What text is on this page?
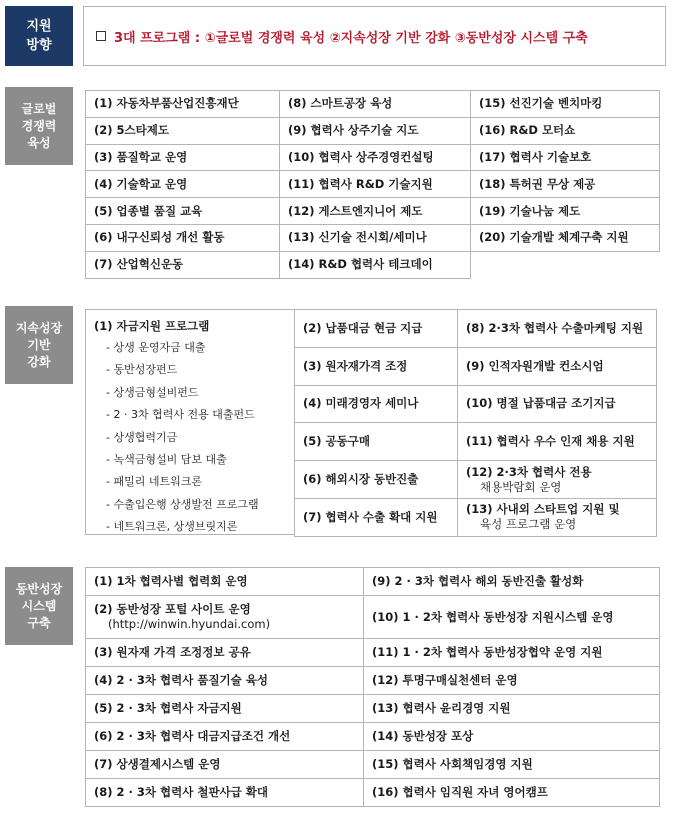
지원
방향	3대 프로그램 : ①글로벌 경쟁력 육성 ②지속성장 기반 강화 ③동반성장 시스템 구축
글로벌
경쟁력
육성
(1) 자동차부품산업진흥재단
(2) 5스타제도
(3) 품질학교 운영
(4) 기술학교 운영
(5) 업종별 품질 교육
(6) 내구신뢰성 개선 활동
(7) 산업혁신운동
(8) 스마트공장 육성
(9) 협력사 상주기술 지도
(10) 협력사 상주경영컨설팅
(11) 협력사 R&D 기술지원
(12) 게스트엔지니어 제도
(13) 신기술 전시회/세미나
(14) R&D 협력사 테크데이
(15) 선진기술 벤치마킹
(16) R&D 모터쇼
(17) 협력사 기술보호
(18) 특허권 무상 제공
(19) 기술나눔 제도
(20) 기술개발 체계구축 지원
지속성장
기반
강화
(1) 자금지원 프로그램
- 상생 운영자금 대출
- 동반성장펀드
- 상생금형설비펀드
- 2 · 3차 협력사 전용 대출펀드
- 상생협력기금
- 녹색금형설비 담보 대출
- 패밀리 네트워크론
- 수출입은행 상생발전 프로그램
- 네트워크론, 상생브릿지론
(2) 납품대금 현금 지급
(3) 원자재가격 조정
(4) 미래경영자 세미나
(5) 공동구매
(6) 해외시장 동반진출
(7) 협력사 수출 확대 지원
(8) 2·3차 협력사 수출마케팅 지원
(9) 인적자원개발 컨소시엄
(10) 명절 납품대금 조기지급
(11) 협력사 우수 인재 채용 지원
(12) 2·3차 협력사 전용
채용박람회 운영
(13) 사내외 스타트업 지원 및
육성 프로그램 운영
동반성장
시스템
구축
(1) 1차 협력사별 협력회 운영
(2) 동반성장 포털 사이트 운영
(http://winwin.hyundai.com)
(3) 원자재 가격 조정정보 공유
(4) 2 · 3차 협력사 품질기술 육성
(5) 2 · 3차 협력사 자금지원
(6) 2 · 3차 협력사 대금지급조건 개선
(7) 상생결제시스템 운영
(8) 2 · 3차 협력사 철판사급 확대
(9) 2 · 3차 협력사 해외 동반진출 활성화
(10) 1 · 2차 협력사 동반성장 지원시스템 운영
(11) 1 · 2차 협력사 동반성장협약 운영 지원
(12) 투명구매실천센터 운영
(13) 협력사 윤리경영 지원
(14) 동반성장 포상
(15) 협력사 사회책임경영 지원
(16) 협력사 임직원 자녀 영어캠프
